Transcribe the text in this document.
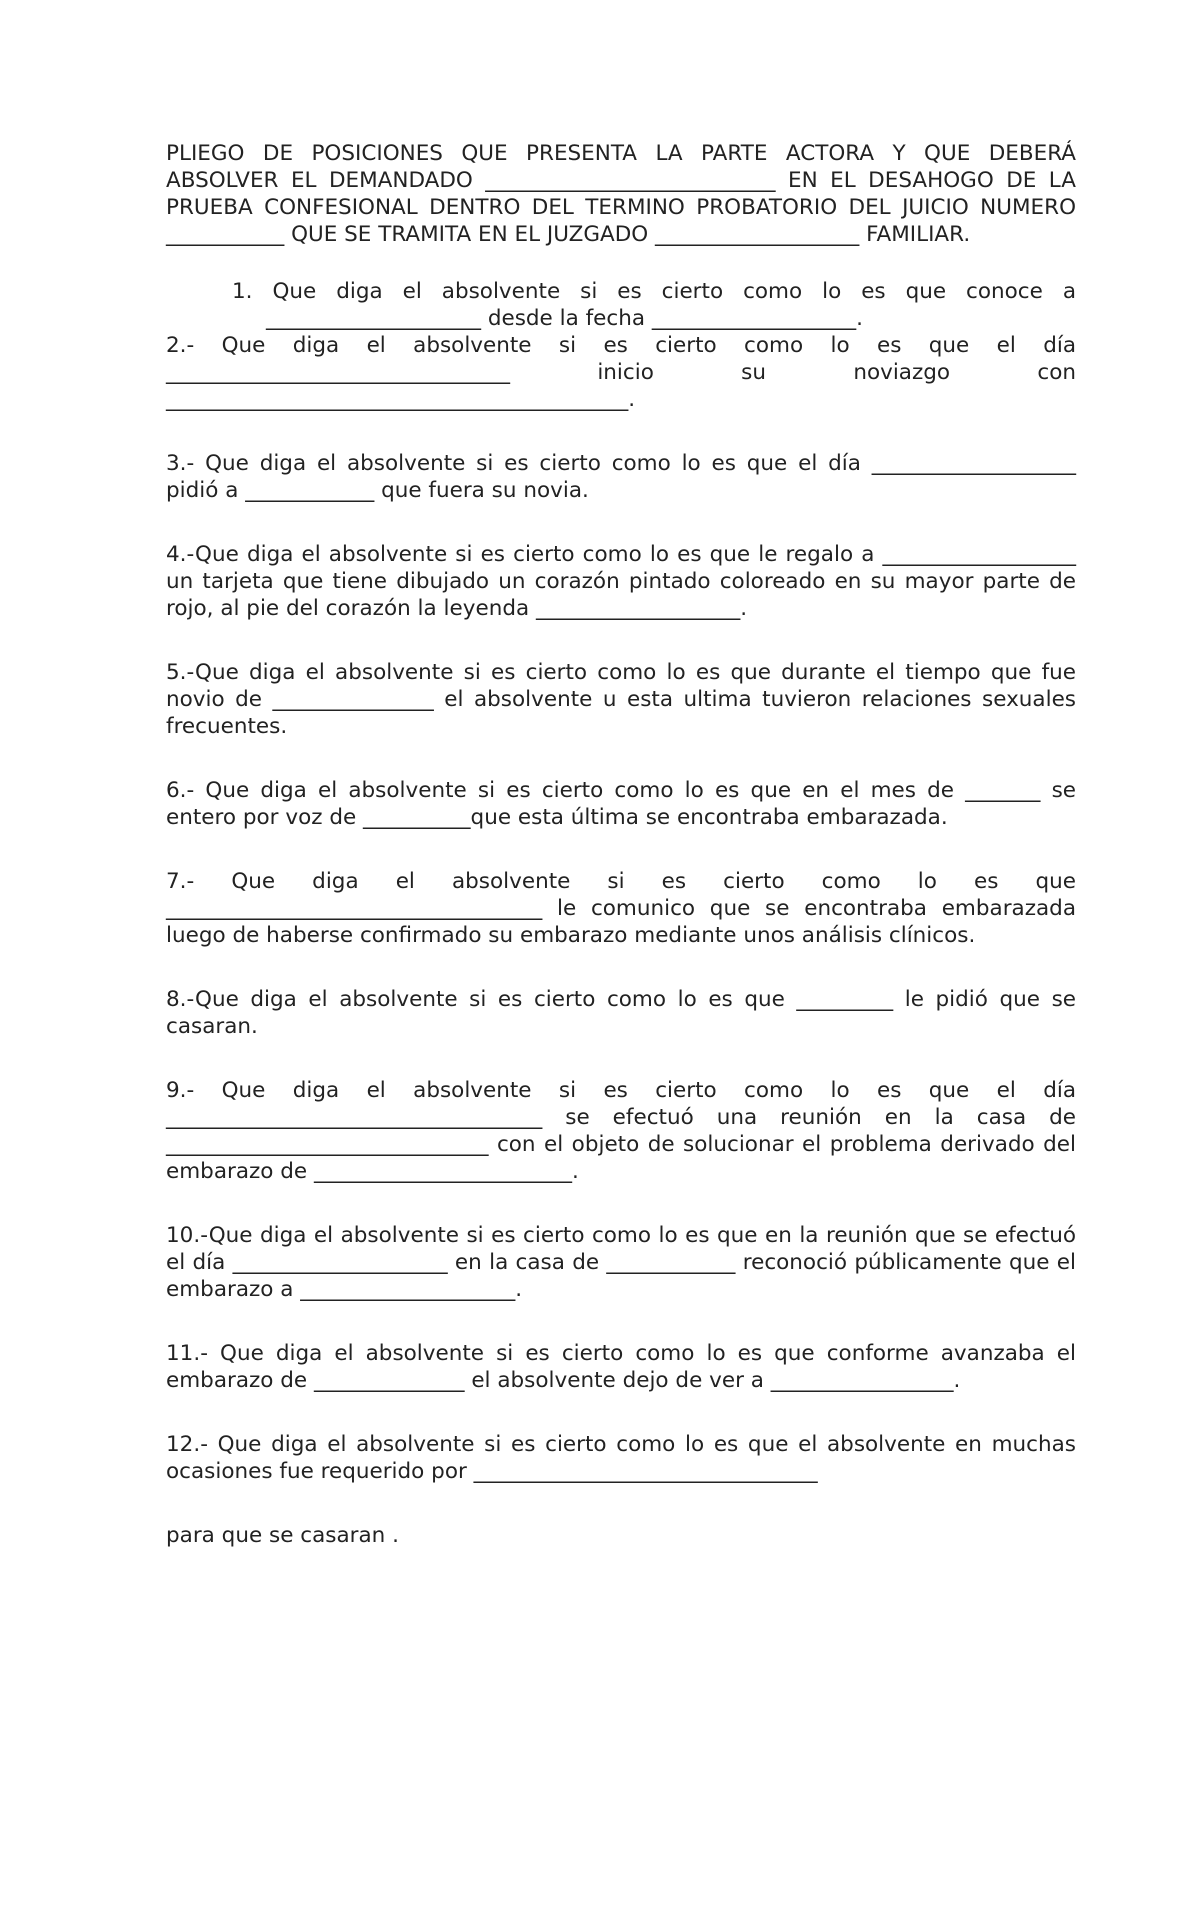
PLIEGO DE POSICIONES QUE PRESENTA LA PARTE ACTORA Y QUE DEBERÁ ABSOLVER EL DEMANDADO ___________________________ EN EL DESAHOGO DE LA PRUEBA CONFESIONAL DENTRO DEL TERMINO PROBATORIO DEL JUICIO NUMERO ___________ QUE SE TRAMITA EN EL JUZGADO ___________________ FAMILIAR.

1. Que diga el absolvente si es cierto como lo es que conoce a ____________________ desde la fecha ___________________.

2.- Que diga el absolvente si es cierto como lo es que el día ________________________________ inicio su noviazgo con ___________________________________________.

3.- Que diga el absolvente si es cierto como lo es que el día ___________________ pidió a ____________ que fuera su novia.

4.-Que diga el absolvente si es cierto como lo es que le regalo a __________________ un tarjeta que tiene dibujado un corazón pintado coloreado en su mayor parte de rojo, al pie del corazón la leyenda ___________________.

5.-Que diga el absolvente si es cierto como lo es que durante el tiempo que fue novio de _______________ el absolvente u esta ultima tuvieron relaciones sexuales frecuentes.

6.- Que diga el absolvente si es cierto como lo es que en el mes de _______ se entero por voz de __________que esta última se encontraba embarazada.

7.- Que diga el absolvente si es cierto como lo es que ___________________________________ le comunico que se encontraba embarazada luego de haberse confirmado su embarazo mediante unos análisis clínicos.

8.-Que diga el absolvente si es cierto como lo es que _________ le pidió que se casaran.

9.- Que diga el absolvente si es cierto como lo es que el día ___________________________________ se efectuó una reunión en la casa de ______________________________ con el objeto de solucionar el problema derivado del embarazo de ________________________.

10.-Que diga el absolvente si es cierto como lo es que en la reunión que se efectuó el día ____________________ en la casa de ____________ reconoció públicamente que el embarazo a ____________________.

11.- Que diga el absolvente si es cierto como lo es que conforme avanzaba el embarazo de ______________ el absolvente dejo de ver a _________________.

12.- Que diga el absolvente si es cierto como lo es que el absolvente en muchas ocasiones fue requerido por ________________________________

para que se casaran .
